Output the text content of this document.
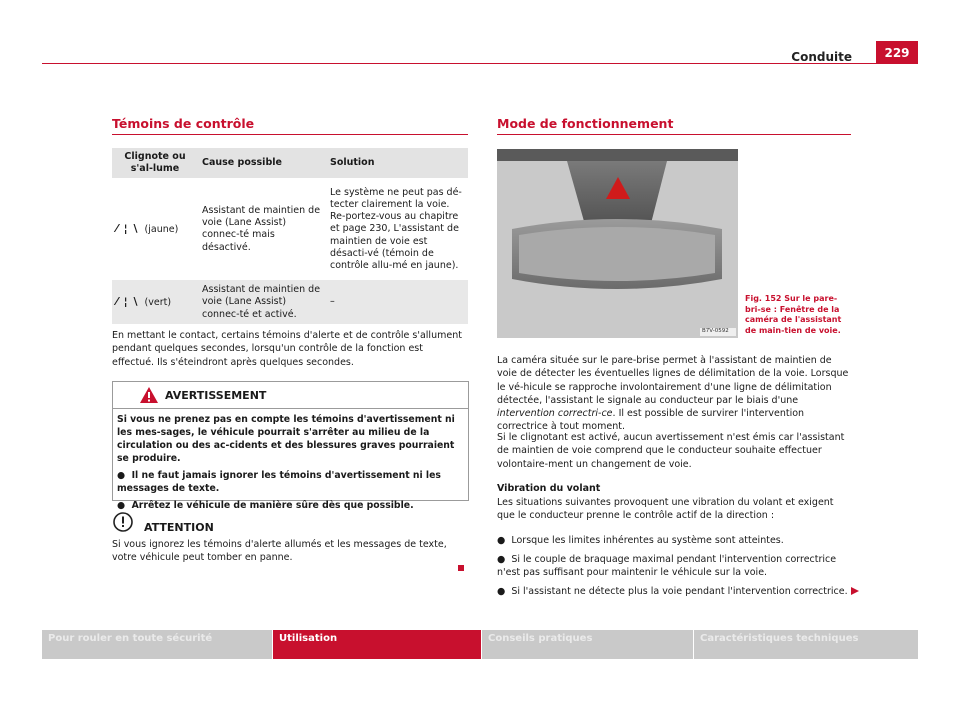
Conduite	229
Témoins de contrôle
Clignote ou s'al-lume	Cause possible	Solution
⁄ ¦ \ (jaune)	Assistant de maintien de voie (Lane Assist) connec-té mais désactivé.	Le système ne peut pas dé-tecter clairement la voie. Re-portez-vous au chapitre et page 230, L'assistant de maintien de voie est désacti-vé (témoin de contrôle allu-mé en jaune).
⁄ ¦ \ (vert)	Assistant de maintien de voie (Lane Assist) connec-té et activé.	–
En mettant le contact, certains témoins d'alerte et de contrôle s'allument pendant quelques secondes, lorsqu'un contrôle de la fonction est effectué. Ils s'éteindront après quelques secondes.
AVERTISSEMENT

Si vous ne prenez pas en compte les témoins d'avertissement ni les mes-sages, le véhicule pourrait s'arrêter au milieu de la circulation ou des ac-cidents et des blessures graves pourraient se produire.

●  Il ne faut jamais ignorer les témoins d'avertissement ni les messages de texte.

●  Arrêtez le véhicule de manière sûre dès que possible.

ATTENTION
Si vous ignorez les témoins d'alerte allumés et les messages de texte, votre véhicule peut tomber en panne.
Mode de fonctionnement
B7V-0592
Fig. 152 Sur le pare-bri-se : Fenêtre de la caméra de l'assistant de main-tien de voie.
La caméra située sur le pare-brise permet à l'assistant de maintien de voie de détecter les éventuelles lignes de délimitation de la voie. Lorsque le vé-hicule se rapproche involontairement d'une ligne de délimitation détectée, l'assistant le signale au conducteur par le biais d'une intervention correctri-ce. Il est possible de survirer l'intervention correctrice à tout moment.
Si le clignotant est activé, aucun avertissement n'est émis car l'assistant de maintien de voie comprend que le conducteur souhaite effectuer volontaire-ment un changement de voie.
Vibration du volant
Les situations suivantes provoquent une vibration du volant et exigent que le conducteur prenne le contrôle actif de la direction :
●  Lorsque les limites inhérentes au système sont atteintes.
●  Si le couple de braquage maximal pendant l'intervention correctrice n'est pas suffisant pour maintenir le véhicule sur la voie.
●  Si l'assistant ne détecte plus la voie pendant l'intervention correctrice.
Pour rouler en toute sécurité	Utilisation	Conseils pratiques	Caractéristiques techniques
